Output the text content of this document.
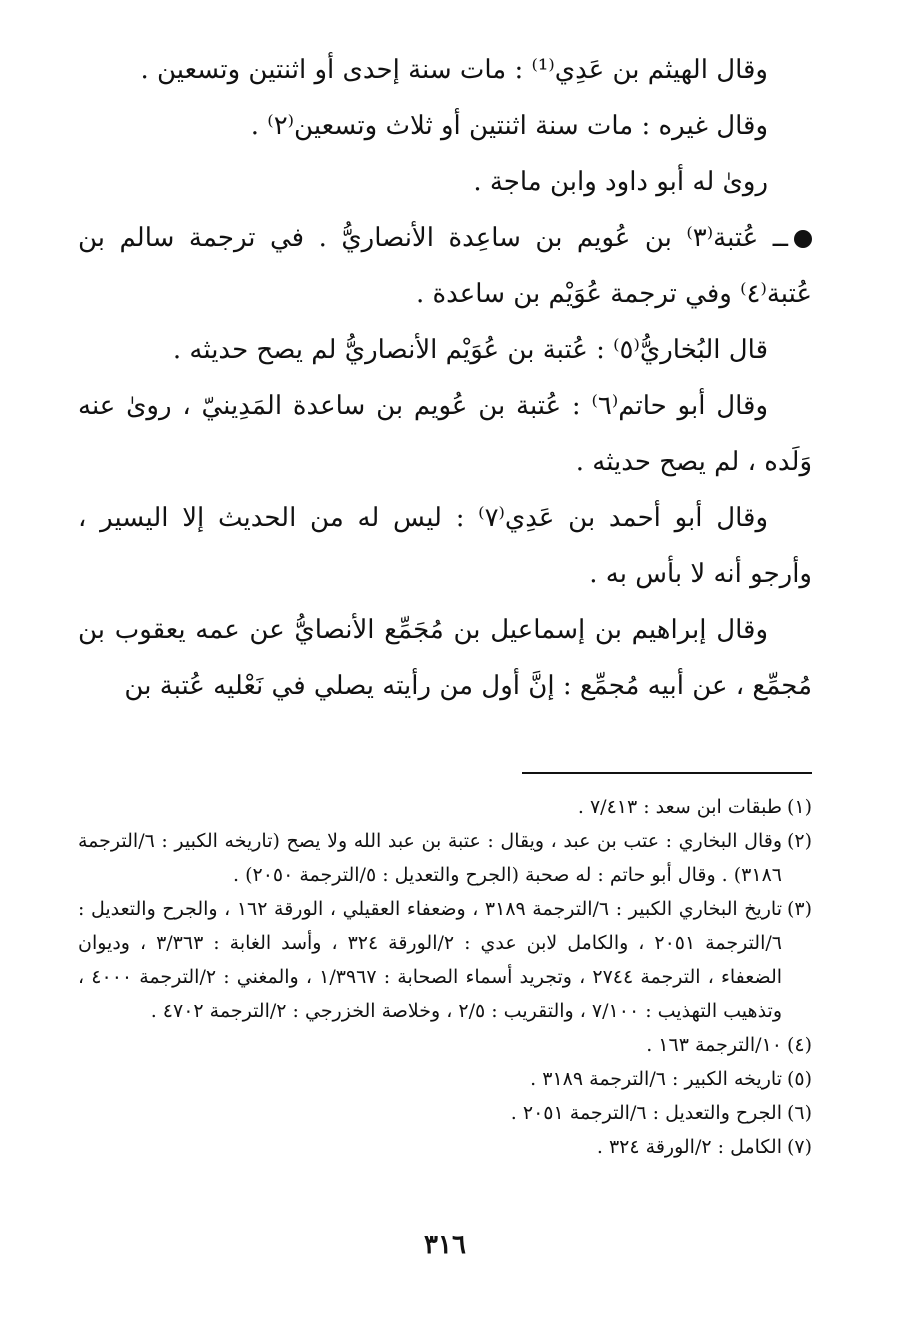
وقال الهيثم بن عَدِي⁽¹⁾ : مات سنة إحدى أو اثنتين وتسعين .

وقال غيره : مات سنة اثنتين أو ثلاث وتسعين⁽٢⁾ .

روىٰ له أبو داود وابن ماجة .

ــ عُتبة⁽٣⁾ بن عُويم بن ساعِدة الأنصاريُّ . في ترجمة سالم بن عُتبة⁽٤⁾ وفي ترجمة عُوَيْم بن ساعدة .

قال البُخاريُّ⁽٥⁾ : عُتبة بن عُوَيْم الأنصاريُّ لم يصح حديثه .

وقال أبو حاتم⁽٦⁾ : عُتبة بن عُويم بن ساعدة المَدِينيّ ، روىٰ عنه وَلَده ، لم يصح حديثه .

وقال أبو أحمد بن عَدِي⁽٧⁾ : ليس له من الحديث إلا اليسير ، وأرجو أنه لا بأس به .

وقال إبراهيم بن إسماعيل بن مُجَمِّع الأنصايُّ عن عمه يعقوب بن مُجمِّع ، عن أبيه مُجمِّع : إنَّ أول من رأيته يصلي في نَعْليه عُتبة بن

(١)
طبقات ابن سعد : ٧/٤١٣ .
(٢)
وقال البخاري : عتب بن عبد ، ويقال : عتبة بن عبد الله ولا يصح (تاريخه الكبير : ٦/الترجمة ٣١٨٦) . وقال أبو حاتم : له صحبة (الجرح والتعديل : ٥/الترجمة ٢٠٥٠) .
(٣)
تاريخ البخاري الكبير : ٦/الترجمة ٣١٨٩ ، وضعفاء العقيلي ، الورقة ١٦٢ ، والجرح والتعديل : ٦/الترجمة ٢٠٥١ ، والكامل لابن عدي : ٢/الورقة ٣٢٤ ، وأسد الغابة : ٣/٣٦٣ ، وديوان الضعفاء ، الترجمة ٢٧٤٤ ، وتجريد أسماء الصحابة : ١/٣٩٦٧ ، والمغني : ٢/الترجمة ٤٠٠٠ ، وتذهيب التهذيب : ٧/١٠٠ ، والتقريب : ٢/٥ ، وخلاصة الخزرجي : ٢/الترجمة ٤٧٠٢ .
(٤)
١٠/الترجمة ١٦٣ .
(٥)
تاريخه الكبير : ٦/الترجمة ٣١٨٩ .
(٦)
الجرح والتعديل : ٦/الترجمة ٢٠٥١ .
(٧)
الكامل : ٢/الورقة ٣٢٤ .
٣١٦
